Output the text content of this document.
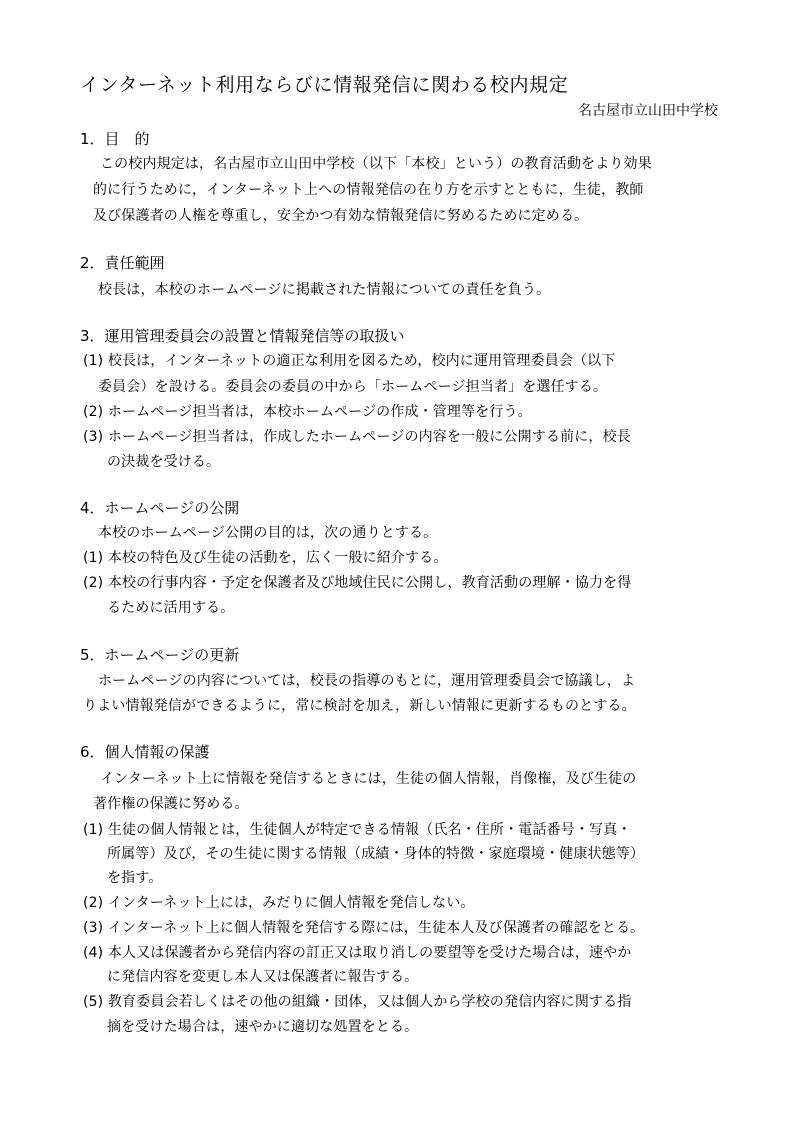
インターネット利用ならびに情報発信に関わる校内規定
名古屋市立山田中学校
1．目　的
この校内規定は，名古屋市立山田中学校（以下「本校」という）の教育活動をより効果
的に行うために，インターネット上への情報発信の在り方を示すとともに，生徒，教師
及び保護者の人権を尊重し，安全かつ有効な情報発信に努めるために定める。
2．責任範囲
校長は，本校のホームページに掲載された情報についての責任を負う。
3．運用管理委員会の設置と情報発信等の取扱い
(1) 校長は，インターネットの適正な利用を図るため，校内に運用管理委員会（以下
委員会）を設ける。委員会の委員の中から「ホームページ担当者」を選任する。
(2) ホームページ担当者は，本校ホームページの作成・管理等を行う。
(3) ホームページ担当者は，作成したホームページの内容を一般に公開する前に，校長
の決裁を受ける。
4．ホームページの公開
本校のホームページ公開の目的は，次の通りとする。
(1) 本校の特色及び生徒の活動を，広く一般に紹介する。
(2) 本校の行事内容・予定を保護者及び地域住民に公開し，教育活動の理解・協力を得
るために活用する。
5．ホームページの更新
ホームページの内容については，校長の指導のもとに，運用管理委員会で協議し，よ
りよい情報発信ができるように，常に検討を加え，新しい情報に更新するものとする。
6．個人情報の保護
インターネット上に情報を発信するときには，生徒の個人情報，肖像権，及び生徒の
著作権の保護に努める。
(1) 生徒の個人情報とは，生徒個人が特定できる情報（氏名・住所・電話番号・写真・
所属等）及び，その生徒に関する情報（成績・身体的特徴・家庭環境・健康状態等）
を指す。
(2) インターネット上には，みだりに個人情報を発信しない。
(3) インターネット上に個人情報を発信する際には，生徒本人及び保護者の確認をとる。
(4) 本人又は保護者から発信内容の訂正又は取り消しの要望等を受けた場合は，速やか
に発信内容を変更し本人又は保護者に報告する。
(5) 教育委員会若しくはその他の組織・団体，又は個人から学校の発信内容に関する指
摘を受けた場合は，速やかに適切な処置をとる。
